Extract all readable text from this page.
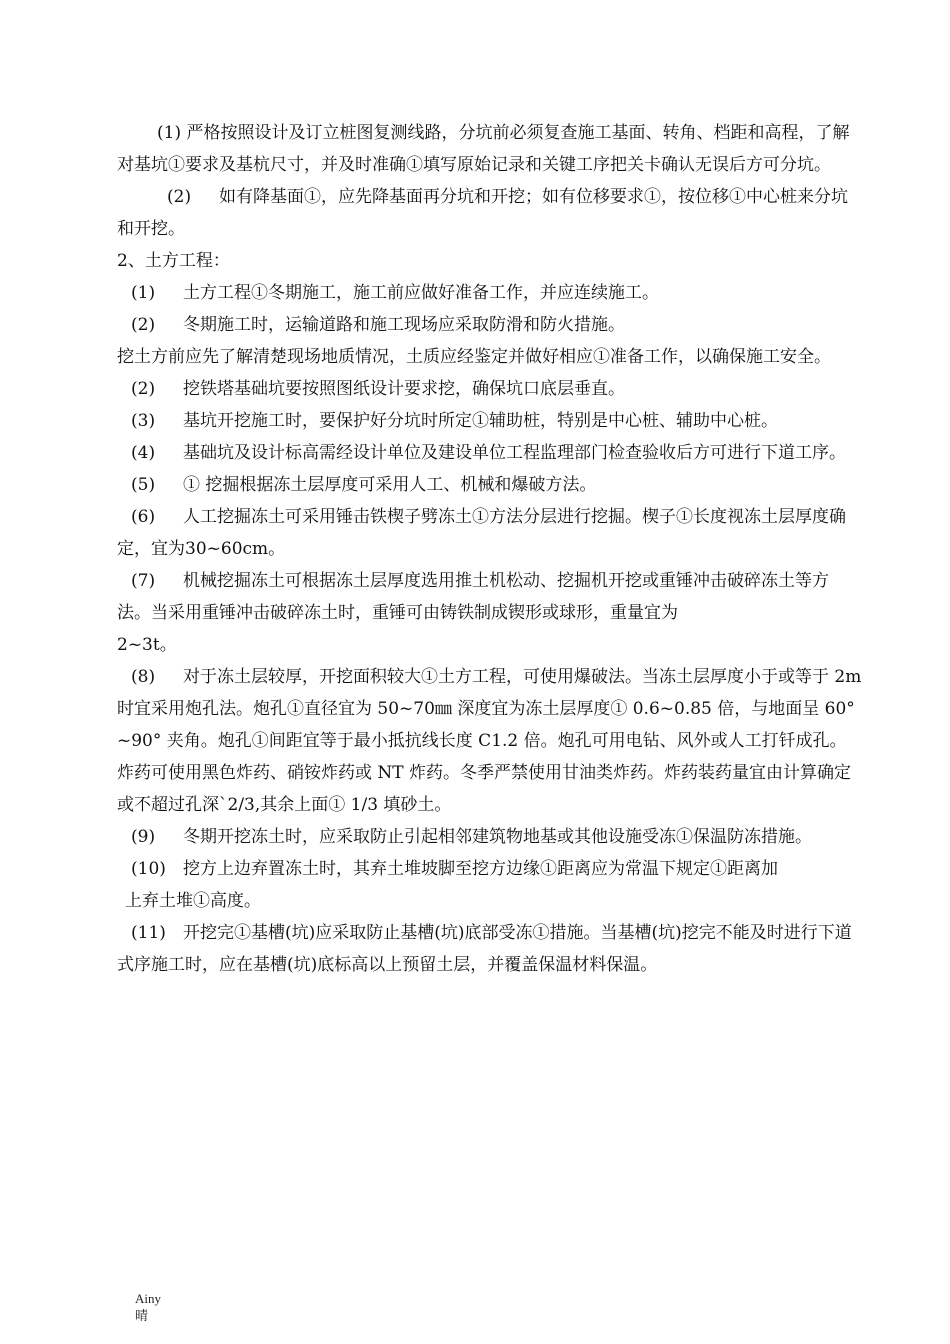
(1) 严格按照设计及订立桩图复测线路，分坑前必须复查施工基面、转角、档距和高程，了解对基坑①要求及基杭尺寸，并及时准确①填写原始记录和关键工序把关卡确认无误后方可分坑。

(2) 如有降基面①，应先降基面再分坑和开挖；如有位移要求①，按位移①中心桩来分坑和开挖。

2、土方工程：

(1) 土方工程①冬期施工，施工前应做好准备工作，并应连续施工。

(2) 冬期施工时，运输道路和施工现场应采取防滑和防火措施。

挖土方前应先了解清楚现场地质情况，土质应经鉴定并做好相应①准备工作，以确保施工安全。

(2) 挖铁塔基础坑要按照图纸设计要求挖，确保坑口底层垂直。

(3) 基坑开挖施工时，要保护好分坑时所定①辅助桩，特别是中心桩、辅助中心桩。

(4) 基础坑及设计标高需经设计单位及建设单位工程监理部门检查验收后方可进行下道工序。

(5) ① 挖掘根据冻土层厚度可采用人工、机械和爆破方法。

(6) 人工挖掘冻土可采用锤击铁楔子劈冻土①方法分层进行挖掘。楔子①长度视冻土层厚度确定，宜为30~60cm。

(7) 机械挖掘冻土可根据冻土层厚度选用推土机松动、挖掘机开挖或重锤冲击破碎冻土等方法。当采用重锤冲击破碎冻土时，重锤可由铸铁制成锲形或球形，重量宜为
2~3t。

(8) 对于冻土层较厚，开挖面积较大①土方工程，可使用爆破法。当冻土层厚度小于或等于 2m 时宜采用炮孔法。炮孔①直径宜为 50~70㎜ 深度宜为冻土层厚度① 0.6~0.85 倍，与地面呈 60° ~90° 夹角。炮孔①间距宜等于最小抵抗线长度 C1.2 倍。炮孔可用电钻、风外或人工打钎成孔。炸药可使用黑色炸药、硝铵炸药或 NT 炸药。冬季严禁使用甘油类炸药。炸药装药量宜由计算确定或不超过孔深`2/3,其余上面① 1/3 填砂土。

(9) 冬期开挖冻土时，应采取防止引起相邻建筑物地基或其他设施受冻①保温防冻措施。

(10) 挖方上边弃置冻土时，其弃土堆坡脚至挖方边缘①距离应为常温下规定①距离加
上弃土堆①高度。

(11) 开挖完①基槽(坑)应采取防止基槽(坑)底部受冻①措施。当基槽(坑)挖完不能及时进行下道式序施工时，应在基槽(坑)底标高以上预留土层，并覆盖保温材料保温。

Ainy
晴
